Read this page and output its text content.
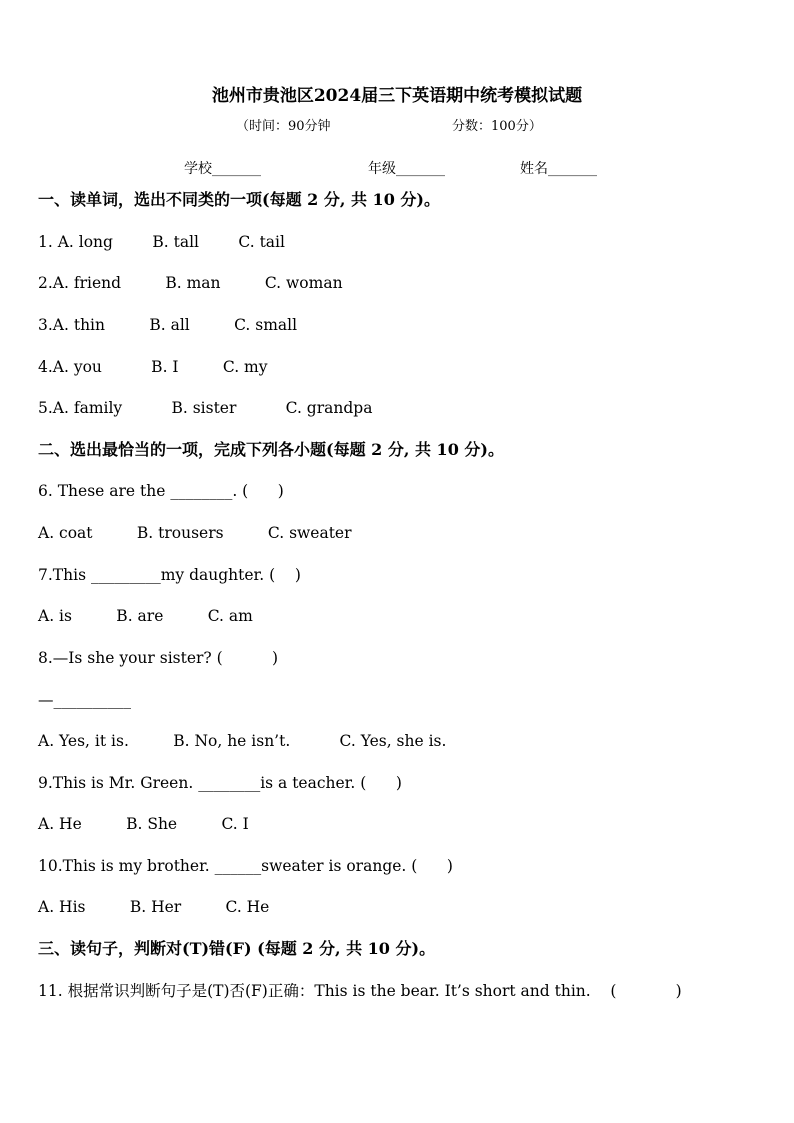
池州市贵池区2024届三下英语期中统考模拟试题
（时间：90分钟	分数：100分）
学校_______	年级_______	姓名_______
一、读单词，选出不同类的一项(每题 2 分, 共 10 分)。
1. A. long        B. tall        C. tail
2.A. friend         B. man         C. woman
3.A. thin         B. all         C. small
4.A. you          B. I         C. my
5.A. family          B. sister          C. grandpa
二、选出最恰当的一项，完成下列各小题(每题 2 分, 共 10 分)。
6. These are the ________. (      )
A. coat         B. trousers         C. sweater
7.This _________my daughter. (    )
A. is         B. are         C. am
8.—Is she your sister? (          )
—__________
A. Yes, it is.         B. No, he isn’t.          C. Yes, she is.
9.This is Mr. Green. ________is a teacher. (      )
A. He         B. She         C. I
10.This is my brother. ______sweater is orange. (      )
A. His         B. Her         C. He
三、读句子，判断对(T)错(F) (每题 2 分, 共 10 分)。
11. 根据常识判断句子是(T)否(F)正确：This is the bear. It’s short and thin.    (            )
